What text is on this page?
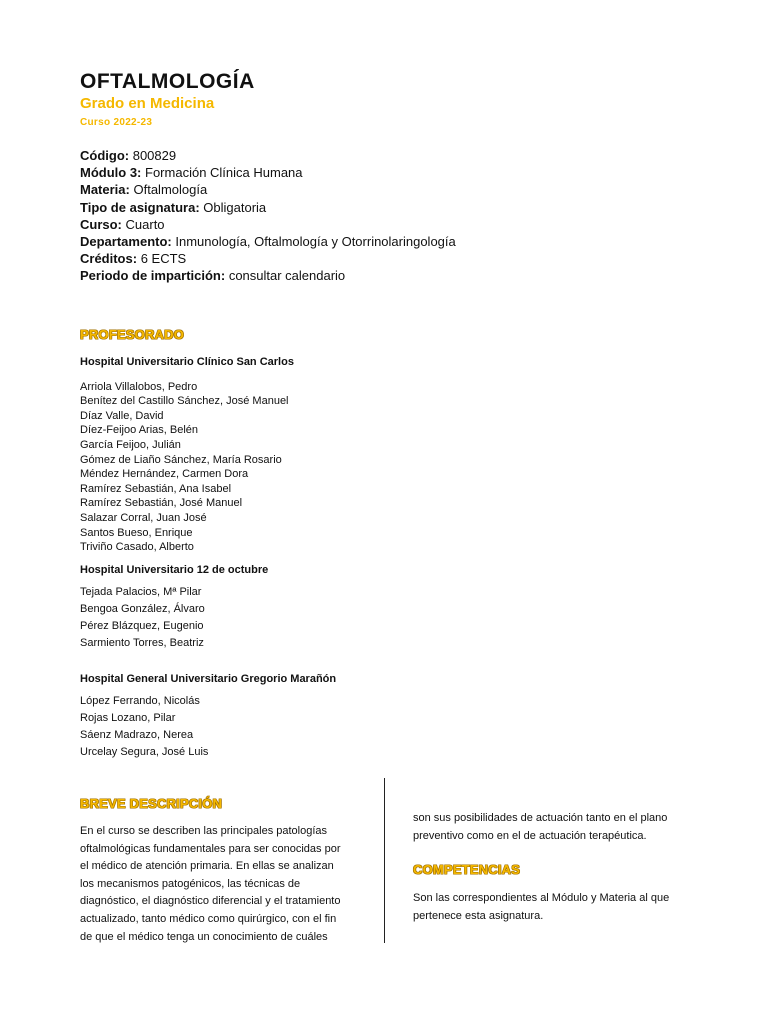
OFTALMOLOGÍA
Grado en Medicina
Curso 2022-23
Código: 800829
Módulo 3: Formación Clínica Humana
Materia: Oftalmología
Tipo de asignatura: Obligatoria
Curso: Cuarto
Departamento: Inmunología, Oftalmología y Otorrinolaringología
Créditos: 6 ECTS
Periodo de impartición: consultar calendario
PROFESORADO
Hospital Universitario Clínico San Carlos
Arriola Villalobos, Pedro
Benítez del Castillo Sánchez, José Manuel
Díaz Valle, David
Díez-Feijoo Arias, Belén
García Feijoo, Julián
Gómez de Liaño Sánchez, María Rosario
Méndez Hernández, Carmen Dora
Ramírez Sebastián, Ana Isabel
Ramírez Sebastián, José Manuel
Salazar Corral, Juan José
Santos Bueso, Enrique
Triviño Casado, Alberto
Hospital Universitario 12 de octubre
Tejada Palacios, Mª Pilar
Bengoa González, Álvaro
Pérez Blázquez, Eugenio
Sarmiento Torres, Beatriz
Hospital General Universitario Gregorio Marañón
López Ferrando, Nicolás
Rojas Lozano, Pilar
Sáenz Madrazo, Nerea
Urcelay Segura, José Luis
BREVE DESCRIPCIÓN

En el curso se describen las principales patologías

oftalmológicas fundamentales para ser conocidas por

el médico de atención primaria. En ellas se analizan

los mecanismos patogénicos, las técnicas de

diagnóstico, el diagnóstico diferencial y el tratamiento

actualizado, tanto médico como quirúrgico, con el fin

de que el médico tenga un conocimiento de cuáles

son sus posibilidades de actuación tanto en el plano

preventivo como en el de actuación terapéutica.

COMPETENCIAS

Son las correspondientes al Módulo y Materia al que

pertenece esta asignatura.
